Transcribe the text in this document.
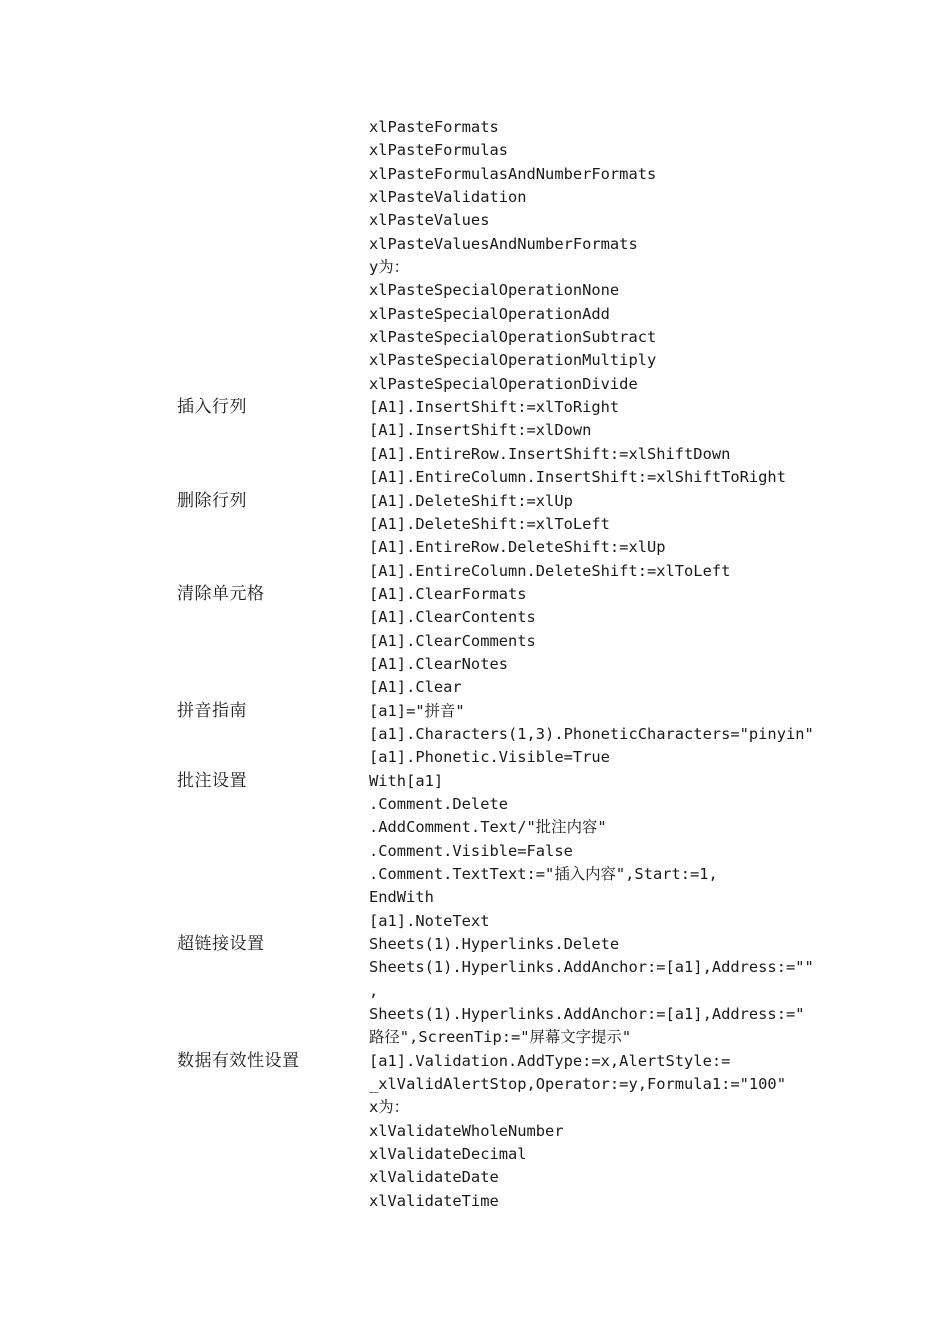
xlPasteFormats
xlPasteFormulas
xlPasteFormulasAndNumberFormats
xlPasteValidation
xlPasteValues
xlPasteValuesAndNumberFormats
y为：
xlPasteSpecialOperationNone
xlPasteSpecialOperationAdd
xlPasteSpecialOperationSubtract
xlPasteSpecialOperationMultiply
xlPasteSpecialOperationDivide
插入行列	[A1].InsertShift:=xlToRight
[A1].InsertShift:=xlDown
[A1].EntireRow.InsertShift:=xlShiftDown
[A1].EntireColumn.InsertShift:=xlShiftToRight
删除行列	[A1].DeleteShift:=xlUp
[A1].DeleteShift:=xlToLeft
[A1].EntireRow.DeleteShift:=xlUp
[A1].EntireColumn.DeleteShift:=xlToLeft
清除单元格	[A1].ClearFormats
[A1].ClearContents
[A1].ClearComments
[A1].ClearNotes
[A1].Clear
拼音指南	[a1]="拼音"
[a1].Characters(1,3).PhoneticCharacters="pinyin"
[a1].Phonetic.Visible=True
批注设置	With[a1]
.Comment.Delete
.AddComment.Text/"批注内容"
.Comment.Visible=False
.Comment.TextText:="插入内容",Start:=1,
EndWith
[a1].NoteText
超链接设置	Sheets(1).Hyperlinks.Delete
Sheets(1).Hyperlinks.AddAnchor:=[a1],Address:=""
,
Sheets(1).Hyperlinks.AddAnchor:=[a1],Address:="
路径",ScreenTip:="屏幕文字提示"
数据有效性设置	[a1].Validation.AddType:=x,AlertStyle:=
_xlValidAlertStop,Operator:=y,Formula1:="100"
x为：
xlValidateWholeNumber
xlValidateDecimal
xlValidateDate
xlValidateTime
